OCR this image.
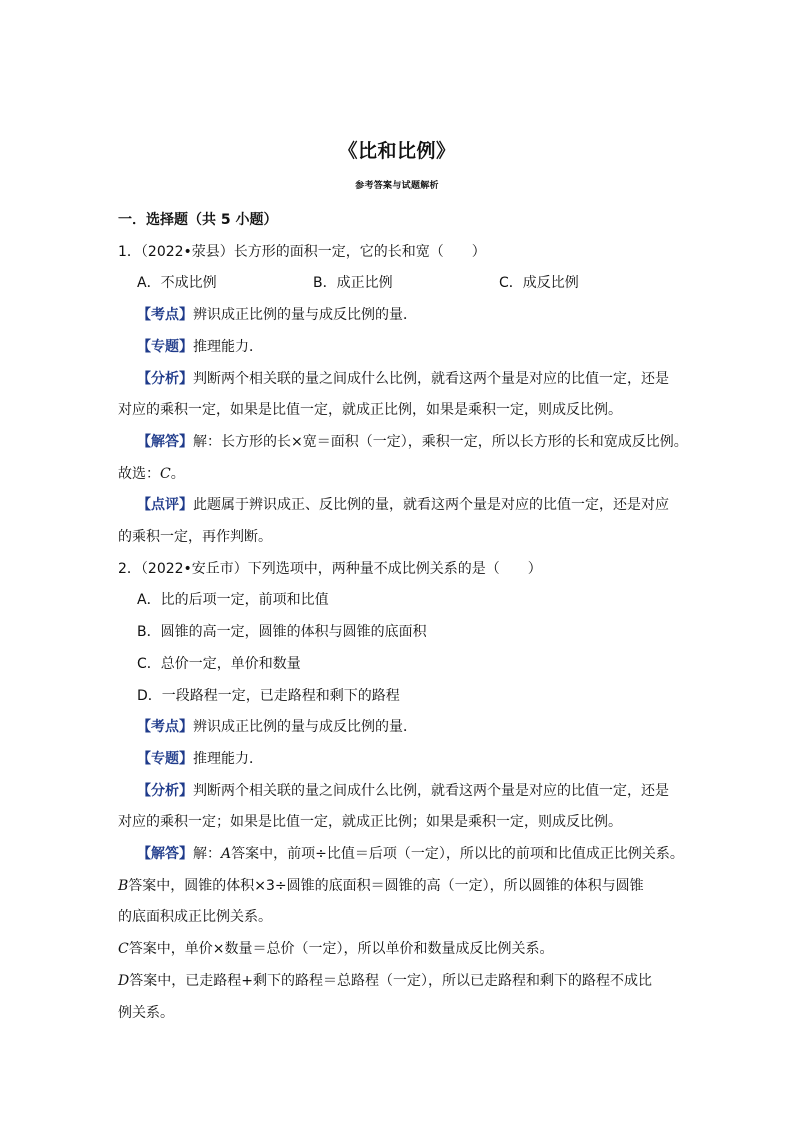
《比和比例》
参考答案与试题解析
一．选择题（共 5 小题）
1．（2022•荥县）长方形的面积一定，它的长和宽（　　）
A．不成比例	B．成正比例	C．成反比例
【考点】辨识成正比例的量与成反比例的量．
【专题】推理能力．
【分析】判断两个相关联的量之间成什么比例，就看这两个量是对应的比值一定，还是
对应的乘积一定，如果是比值一定，就成正比例，如果是乘积一定，则成反比例。
【解答】解：长方形的长×宽＝面积（一定），乘积一定，所以长方形的长和宽成反比例。
故选：C。
【点评】此题属于辨识成正、反比例的量，就看这两个量是对应的比值一定，还是对应
的乘积一定，再作判断。
2．（2022•安丘市）下列选项中，两种量不成比例关系的是（　　）
A．比的后项一定，前项和比值
B．圆锥的高一定，圆锥的体积与圆锥的底面积
C．总价一定，单价和数量
D．一段路程一定，已走路程和剩下的路程
【考点】辨识成正比例的量与成反比例的量．
【专题】推理能力．
【分析】判断两个相关联的量之间成什么比例，就看这两个量是对应的比值一定，还是
对应的乘积一定；如果是比值一定，就成正比例；如果是乘积一定，则成反比例。
【解答】解：A答案中，前项÷比值＝后项（一定），所以比的前项和比值成正比例关系。
B答案中，圆锥的体积×3÷圆锥的底面积＝圆锥的高（一定），所以圆锥的体积与圆锥
的底面积成正比例关系。
C答案中，单价×数量＝总价（一定），所以单价和数量成反比例关系。
D答案中，已走路程+剩下的路程＝总路程（一定），所以已走路程和剩下的路程不成比
例关系。
